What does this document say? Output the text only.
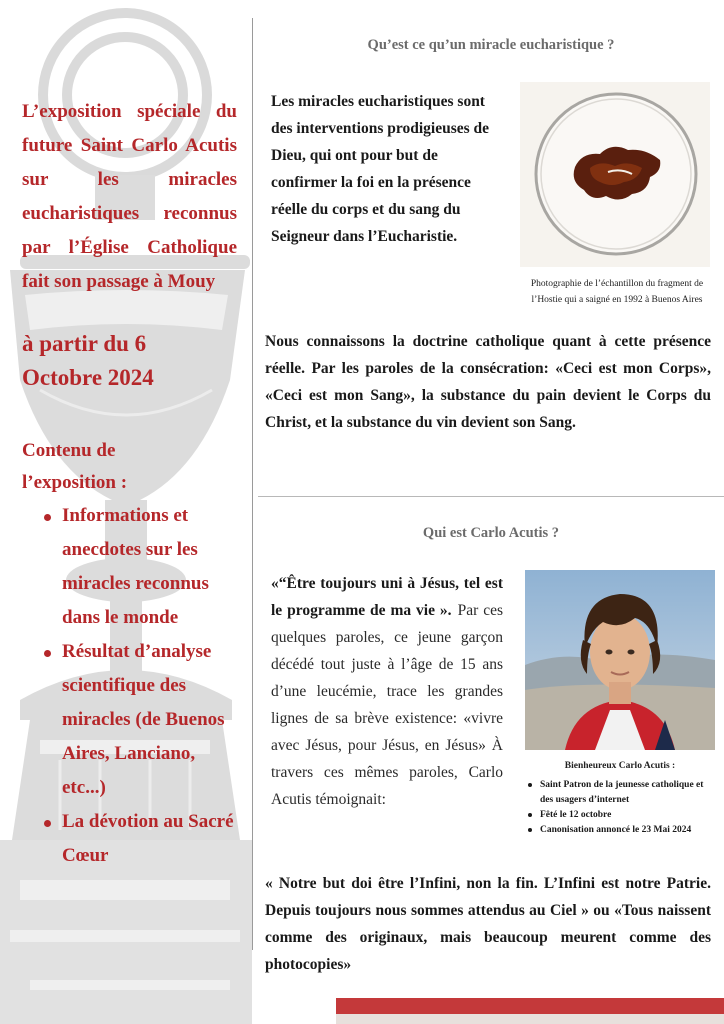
L’exposition spéciale du future Saint Carlo Acutis sur les miracles eucharistiques reconnus par l’Église Catholique fait son passage à Mouy

à partir du 6
Octobre 2024
Contenu de
l’exposition :
Informations et anecdotes sur les miracles reconnus dans le monde
Résultat d’analyse scientifique des miracles (de Buenos Aires, Lanciano, etc...)
La dévotion au Sacré Cœur
Qu’est ce qu’un miracle eucharistique ?

Les miracles eucharistiques sont des interventions prodigieuses de Dieu, qui ont pour but de confirmer la foi en la présence réelle du corps et du sang du Seigneur dans l’Eucharistie.

Photographie de l’échantillon du fragment de l’Hostie qui a saigné en 1992 à Buenos Aires

Nous connaissons la doctrine catholique quant à cette présence réelle. Par les paroles de la consécration: «Ceci est mon Corps», «Ceci est mon Sang», la substance du pain devient le Corps du Christ, et la substance du vin devient son Sang.

Qui est Carlo Acutis ?
«“Être toujours uni à Jésus, tel est le programme de ma vie ». Par ces quelques paroles, ce jeune garçon décédé tout juste à l’âge de 15 ans d’une leucémie, trace les grandes lignes de sa brève existence: «vivre avec Jésus, pour Jésus, en Jésus» À travers ces mêmes paroles, Carlo Acutis témoignait:
Bienheureux Carlo Acutis :
Saint Patron de la jeunesse catholique et des usagers d’internet
Fêté le 12 octobre
Canonisation annoncé le 23 Mai 2024

« Notre but doi être l’Infini, non la fin. L’Infini est notre Patrie. Depuis toujours nous sommes attendus au Ciel » ou «Tous naissent comme des originaux, mais beaucoup meurent comme des photocopies»
